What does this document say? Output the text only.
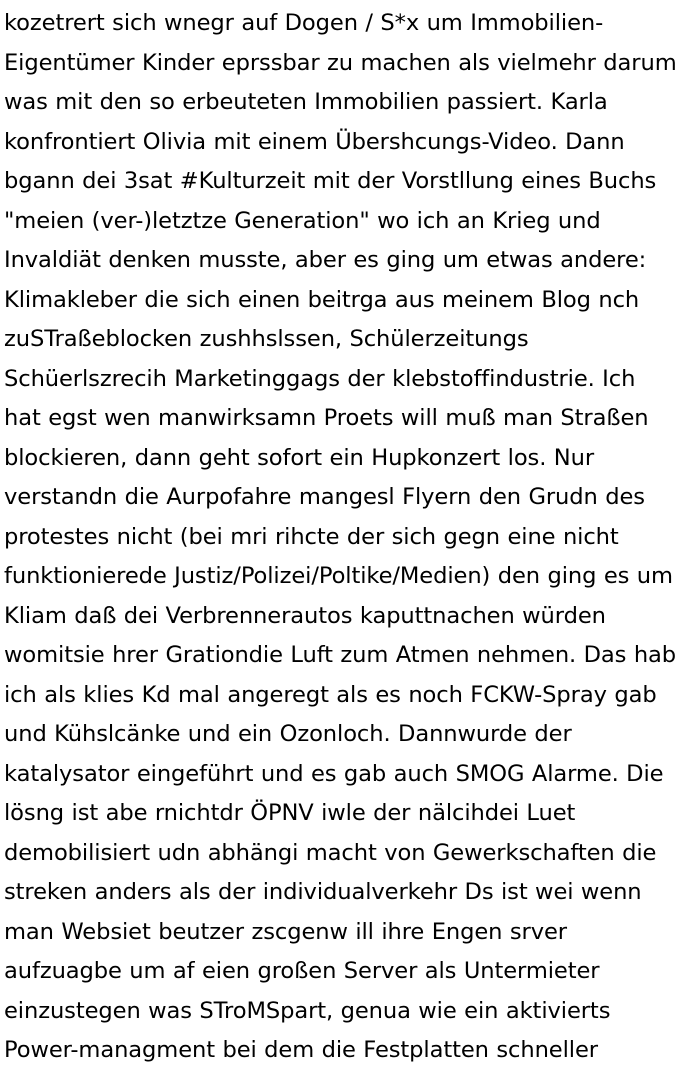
kozetrert sich wnegr auf Dogen / S*x um Immobilien-Eigentümer Kinder eprssbar zu machen als vielmehr darum was mit den so erbeuteten Immobilien passiert. Karla konfrontiert Olivia mit einem Übershcungs-Video. Dann bgann dei 3sat #Kulturzeit mit der Vorstllung eines Buchs "meien (ver-)letztze Generation" wo ich an Krieg und Invaldiät denken musste, aber es ging um etwas andere: Klimakleber die sich einen beitrga aus meinem Blog nch zuSTraßeblocken zushhslssen, Schülerzeitungs Schüerlszrecih Marketinggags der klebstoffindustrie. Ich hat egst wen manwirksamn Proets will muß man Straßen blockieren, dann geht sofort ein Hupkonzert los. Nur verstandn die Aurpofahre mangesl Flyern den Grudn des protestes nicht (bei mri rihcte der sich gegn eine nicht funktionierede Justiz/Polizei/Poltike/Medien) den ging es um Kliam daß dei Verbrennerautos kaputtnachen würden womitsie hrer Grationdie Luft zum Atmen nehmen. Das hab ich als klies Kd mal angeregt als es noch FCKW-Spray gab und Kühslcänke und ein Ozonloch. Dannwurde der katalysator eingeführt und es gab auch SMOG Alarme. Die lösng ist abe rnichtdr ÖPNV iwle der nälcihdei Luet demobilisiert udn abhängi macht von Gewerkschaften die streken anders als der individualverkehr Ds ist wei wenn man Websiet beutzer zscgenw ill ihre Engen srver aufzuagbe um af eien großen Server als Untermieter einzustegen was STroMSpart, genua wie ein aktivierts Power-managment bei dem die Festplatten schneller
